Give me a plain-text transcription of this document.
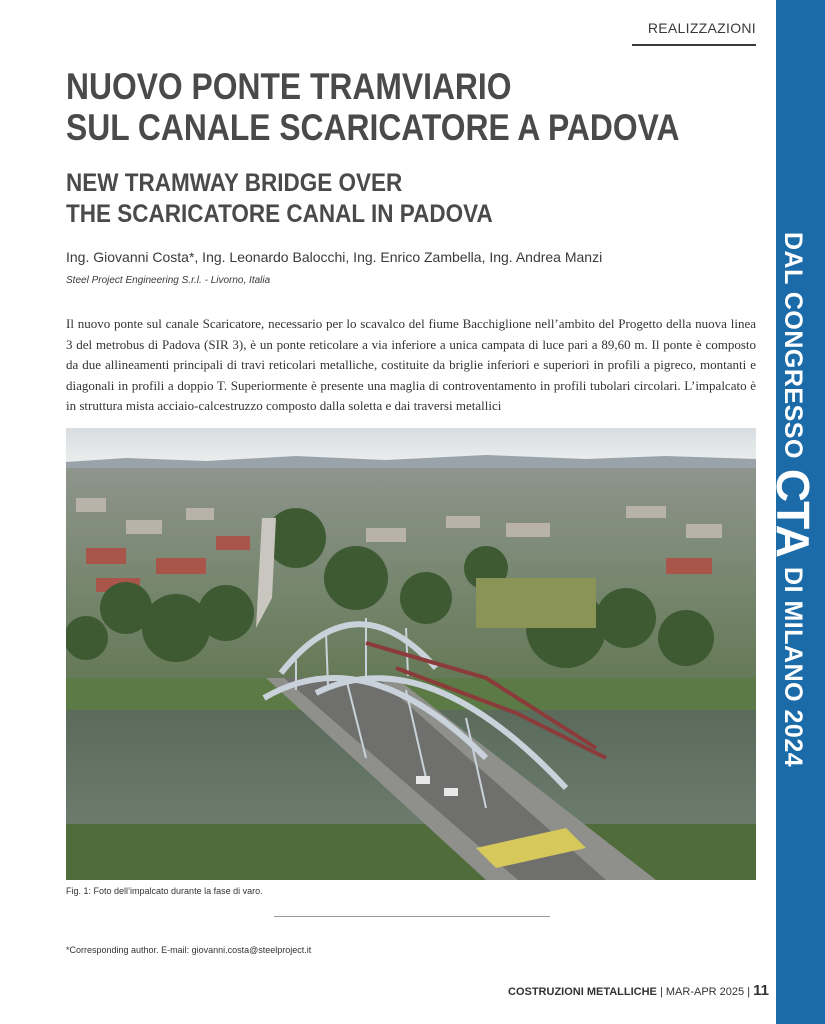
REALIZZAZIONI
DAL CONGRESSO
CTA
DI MILANO 2024
NUOVO PONTE TRAMVIARIO
SUL CANALE SCARICATORE A PADOVA
NEW TRAMWAY BRIDGE OVER
THE SCARICATORE CANAL IN PADOVA
Ing. Giovanni Costa*, Ing. Leonardo Balocchi, Ing. Enrico Zambella, Ing. Andrea Manzi
Steel Project Engineering S.r.l. - Livorno, Italia

Il nuovo ponte sul canale Scaricatore, necessario per lo scavalco del fiume Bacchiglione nell’ambito del Progetto della nuova linea 3 del metrobus di Padova (SIR 3), è un ponte reticolare a via inferiore a unica campata di luce pari a 89,60 m. Il ponte è composto da due allineamenti principali di travi reticolari metalliche, costituite da briglie inferiori e superiori in profili a pigreco, montanti e diagonali in profili a doppio T. Superiormente è presente una maglia di controventamento in profili tubolari circolari. L’impalcato è in struttura mista acciaio-calcestruzzo composto dalla soletta e dai traversi metallici

Fig. 1: Foto dell’impalcato durante la fase di varo.
*Corresponding author. E-mail: giovanni.costa@steelproject.it
COSTRUZIONI METALLICHE | MAR-APR 2025 | 11
